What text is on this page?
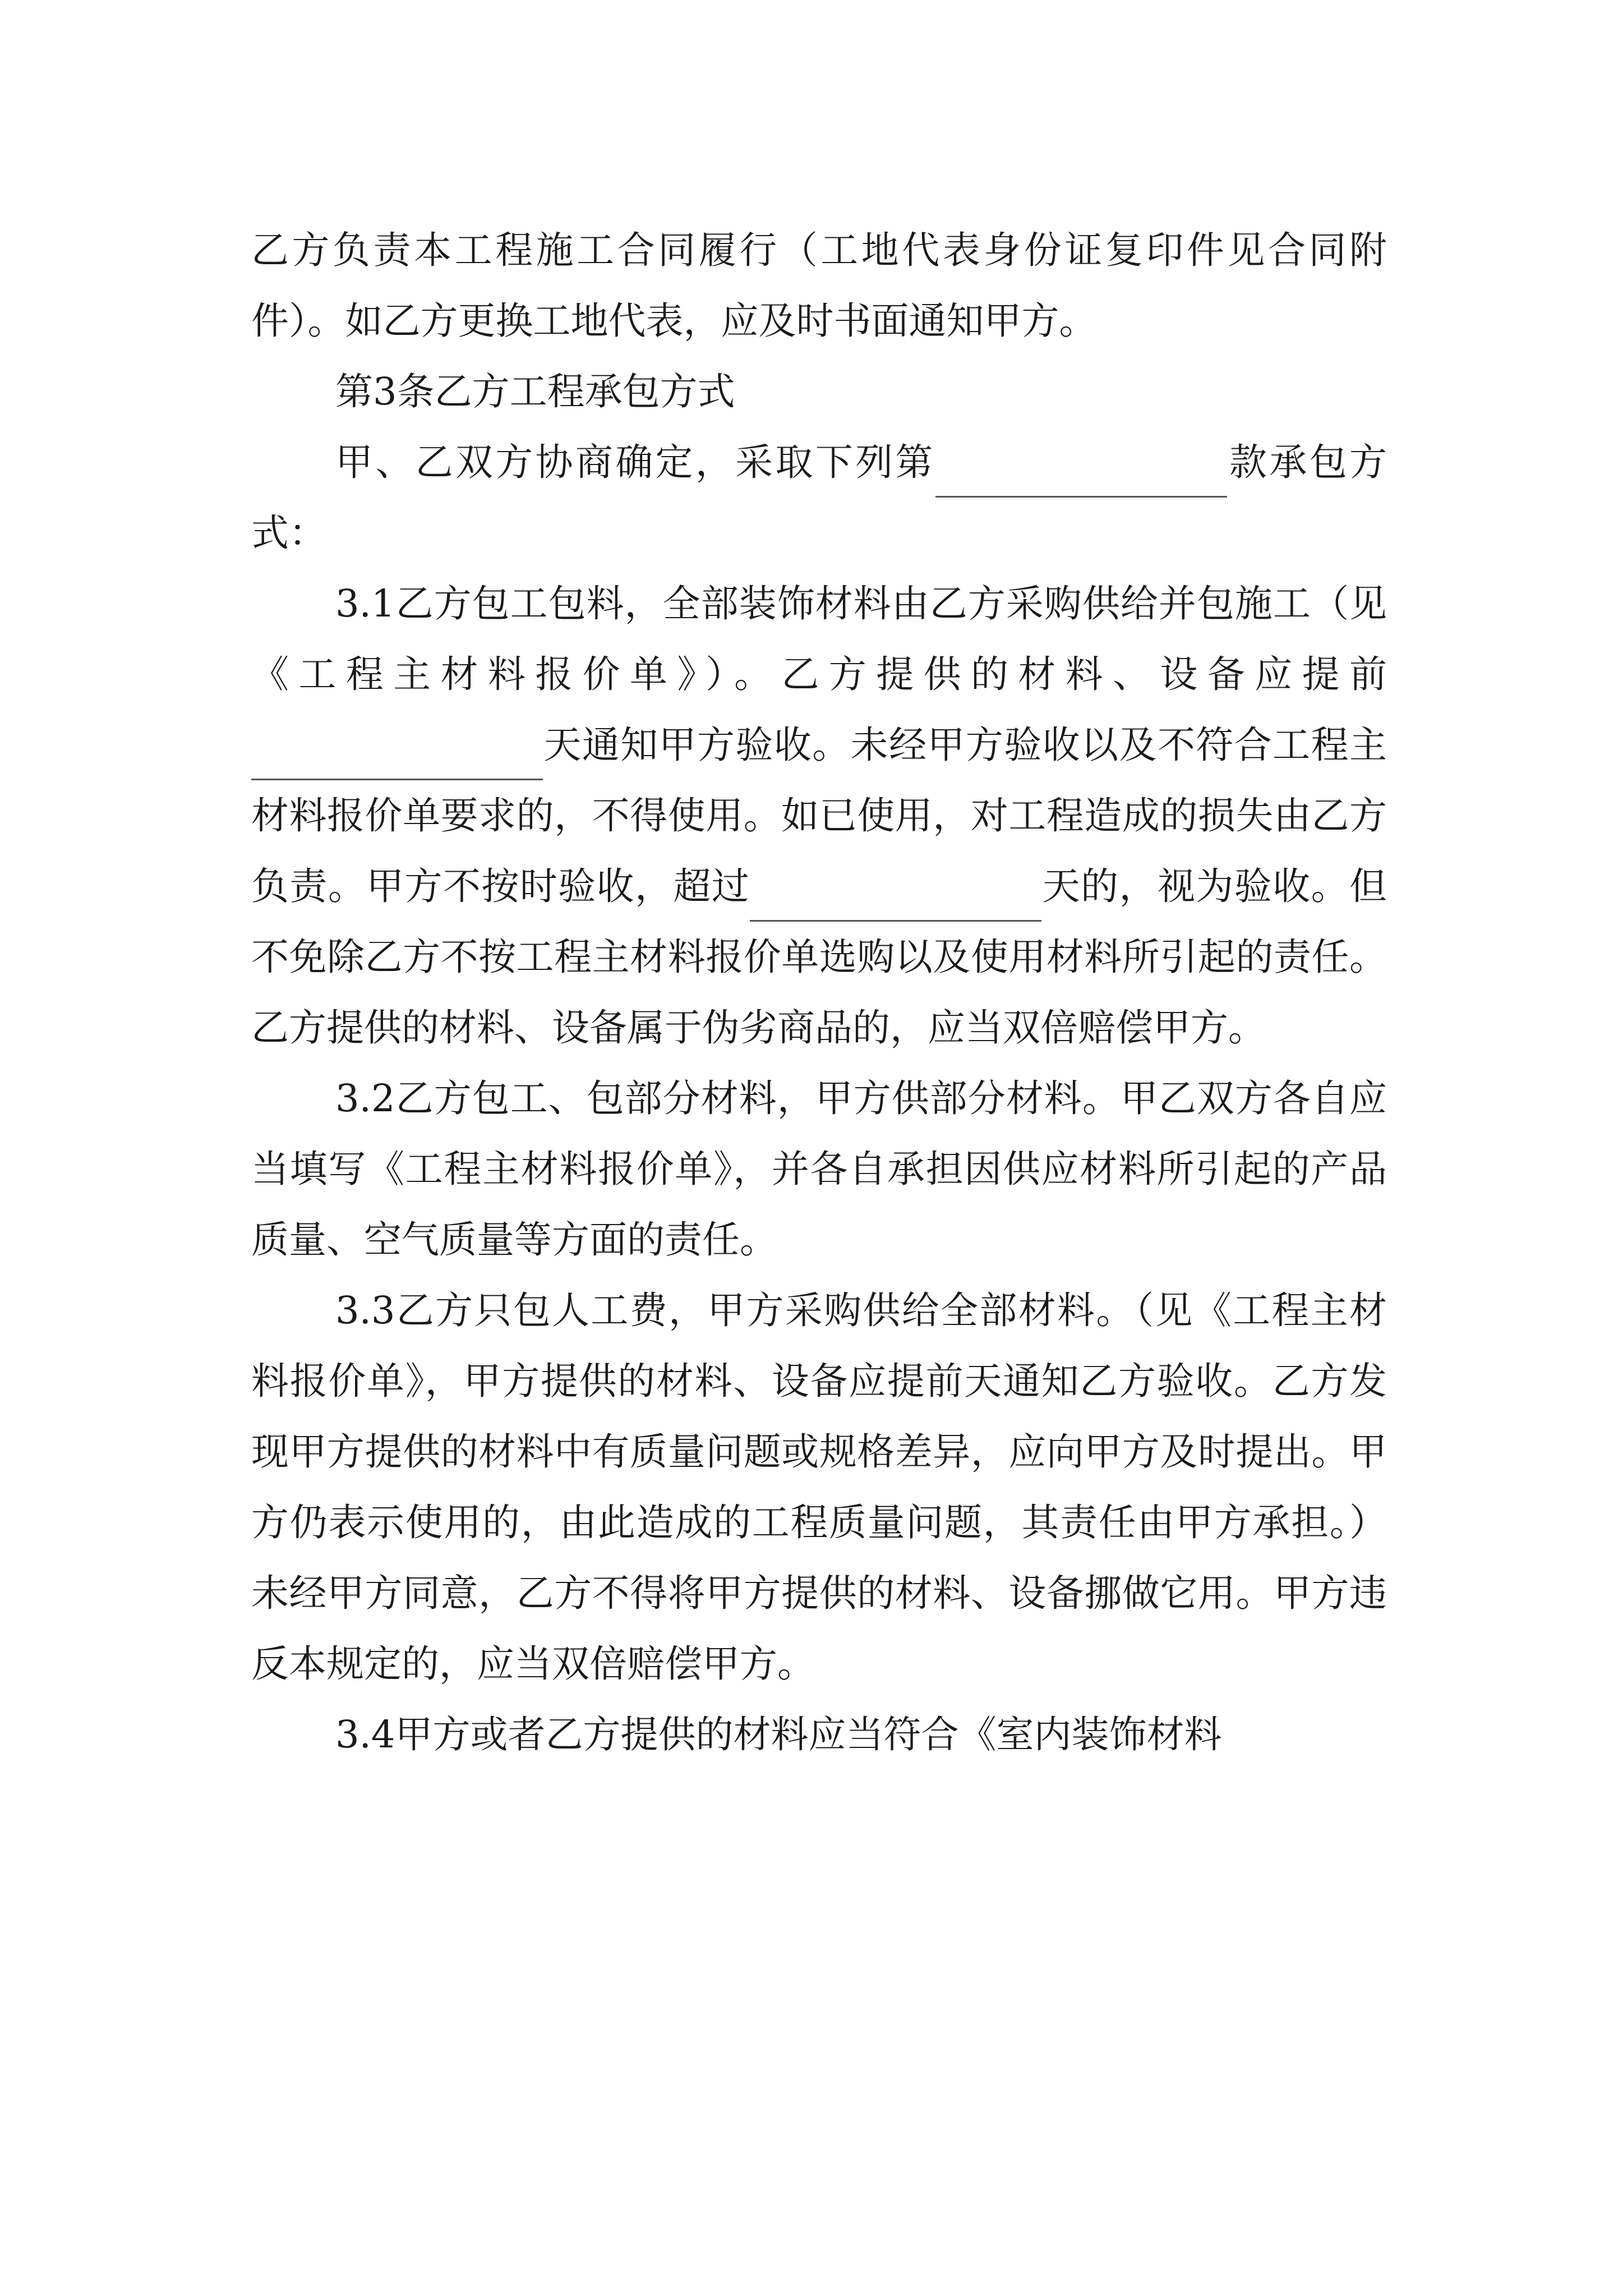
乙方负责本工程施工合同履行（工地代表身份证复印件见合同附件）。如乙方更换工地代表，应及时书面通知甲方。

第3条乙方工程承包方式

甲、乙双方协商确定，采取下列第	款承包方式：

3.1乙方包工包料，全部装饰材料由乙方采购供给并包施工（见《工程主材料报价单》）。乙方提供的材料、设备应提前天通知甲方验收。未经甲方验收以及不符合工程主材料报价单要求的，不得使用。如已使用，对工程造成的损失由乙方负责。甲方不按时验收，超过	天的，视为验收。但不免除乙方不按工程主材料报价单选购以及使用材料所引起的责任。乙方提供的材料、设备属于伪劣商品的，应当双倍赔偿甲方。

3.2乙方包工、包部分材料，甲方供部分材料。甲乙双方各自应当填写《工程主材料报价单》，并各自承担因供应材料所引起的产品质量、空气质量等方面的责任。

3.3乙方只包人工费，甲方采购供给全部材料。（见《工程主材料报价单》，甲方提供的材料、设备应提前天通知乙方验收。乙方发现甲方提供的材料中有质量问题或规格差异，应向甲方及时提出。甲方仍表示使用的，由此造成的工程质量问题，其责任由甲方承担。）未经甲方同意，乙方不得将甲方提供的材料、设备挪做它用。甲方违反本规定的，应当双倍赔偿甲方。

3.4甲方或者乙方提供的材料应当符合《室内装饰材料
